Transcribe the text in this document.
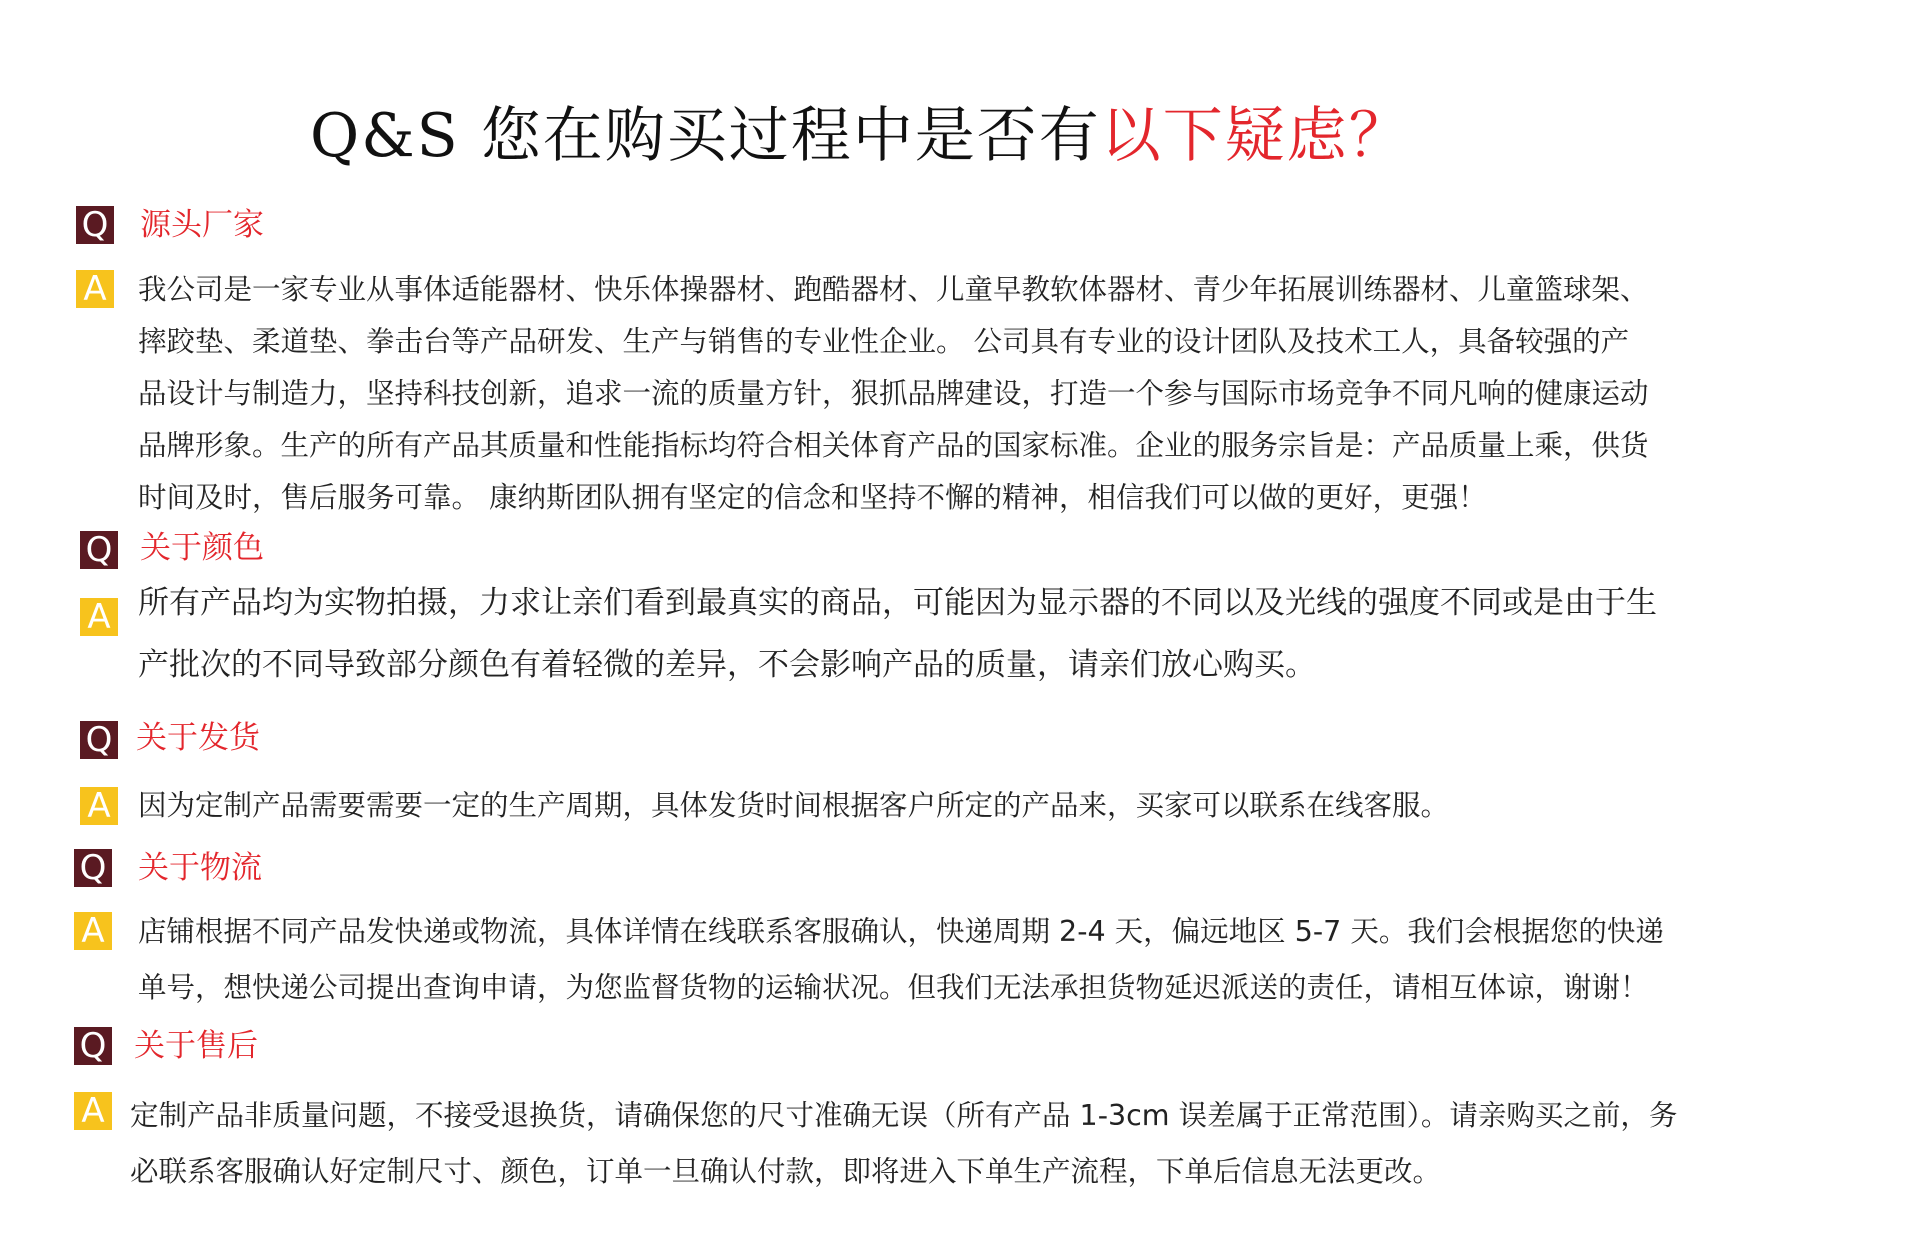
Q&S 您在购买过程中是否有以下疑虑？
Q 源头厂家
A 我公司是一家专业从事体适能器材、快乐体操器材、跑酷器材、儿童早教软体器材、青少年拓展训练器材、儿童篮球架、

摔跤垫、柔道垫、拳击台等产品研发、生产与销售的专业性企业。 公司具有专业的设计团队及技术工人，具备较强的产

品设计与制造力，坚持科技创新，追求一流的质量方针，狠抓品牌建设，打造一个参与国际市场竞争不同凡响的健康运动

品牌形象。生产的所有产品其质量和性能指标均符合相关体育产品的国家标准。企业的服务宗旨是：产品质量上乘，供货

时间及时，售后服务可靠。 康纳斯团队拥有坚定的信念和坚持不懈的精神，相信我们可以做的更好，更强！

Q 关于颜色
A 所有产品均为实物拍摄，力求让亲们看到最真实的商品，可能因为显示器的不同以及光线的强度不同或是由于生

产批次的不同导致部分颜色有着轻微的差异，不会影响产品的质量，请亲们放心购买。

Q 关于发货
A 因为定制产品需要需要一定的生产周期，具体发货时间根据客户所定的产品来，买家可以联系在线客服。

Q 关于物流
A 店铺根据不同产品发快递或物流，具体详情在线联系客服确认，快递周期 2-4 天，偏远地区 5-7 天。我们会根据您的快递

单号，想快递公司提出查询申请，为您监督货物的运输状况。但我们无法承担货物延迟派送的责任，请相互体谅，谢谢！

Q 关于售后
A 定制产品非质量问题，不接受退换货，请确保您的尺寸准确无误（所有产品 1-3cm 误差属于正常范围）。请亲购买之前，务

必联系客服确认好定制尺寸、颜色，订单一旦确认付款，即将进入下单生产流程，下单后信息无法更改。
